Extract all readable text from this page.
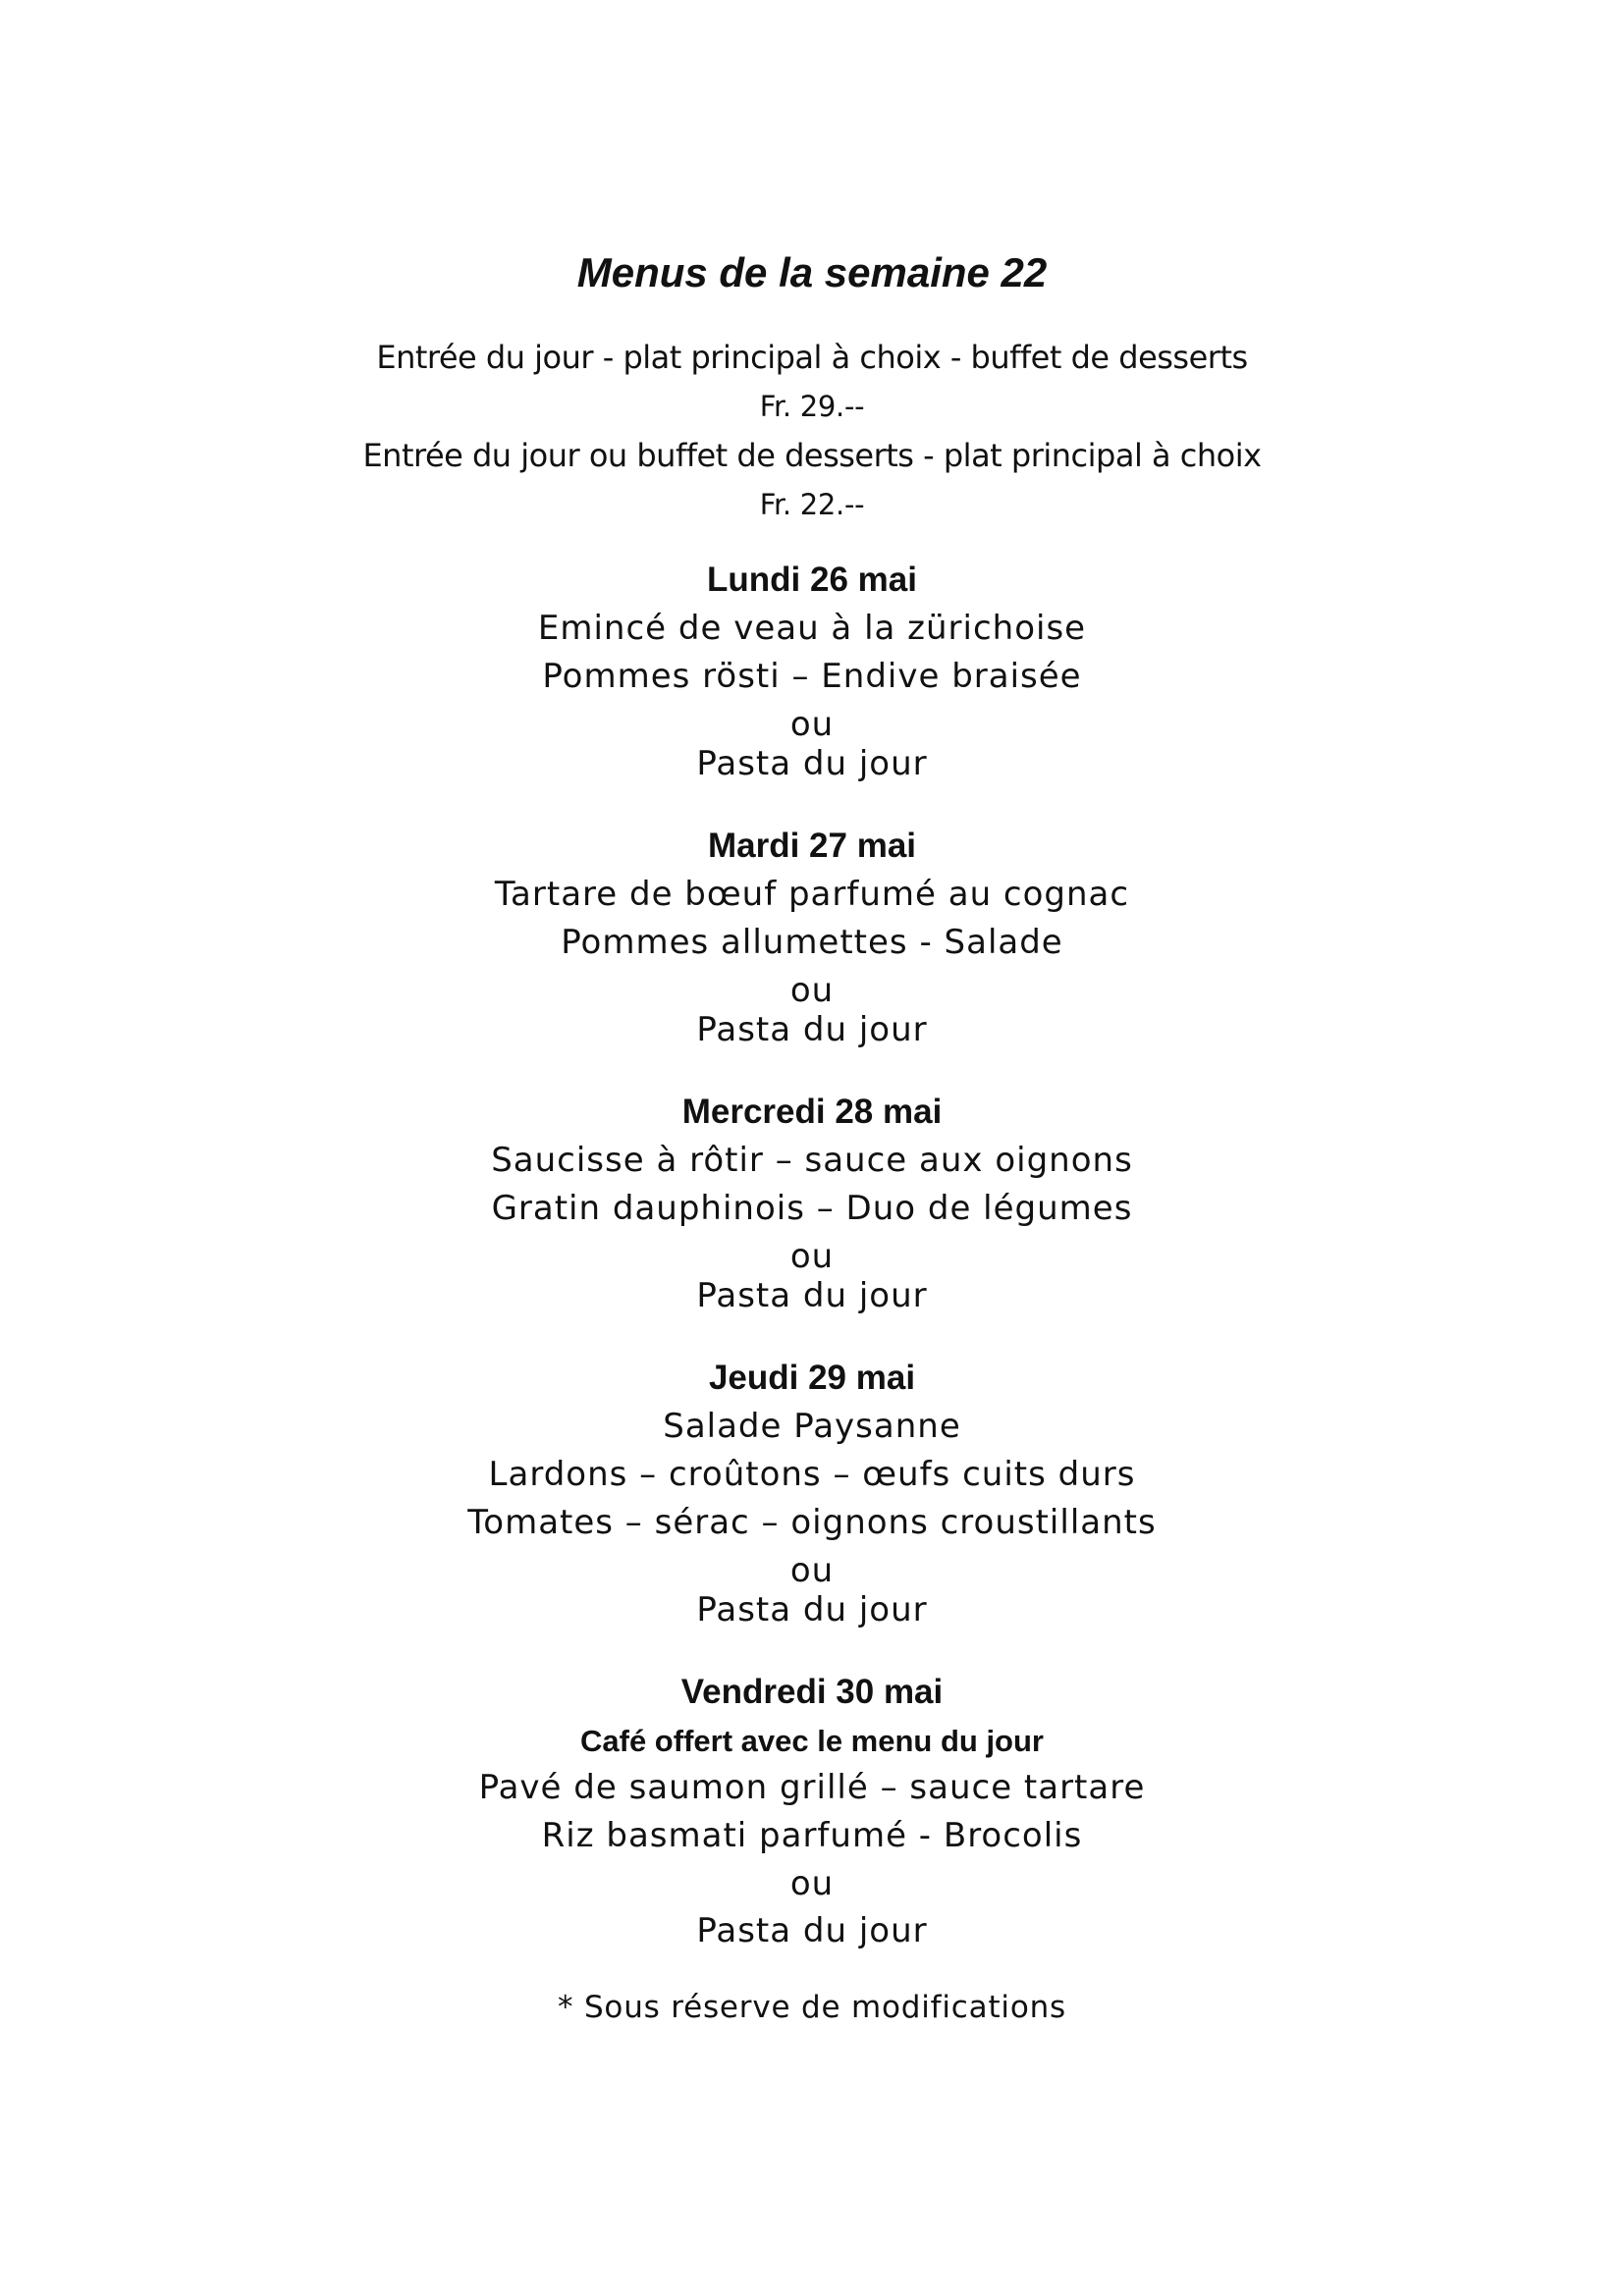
Menus de la semaine 22
Entrée du jour - plat principal à choix - buffet de desserts
Fr. 29.--
Entrée du jour ou buffet de desserts - plat principal à choix
Fr. 22.--
Lundi 26 mai
Emincé de veau à la zürichoise
Pommes rösti – Endive braisée
ou
Pasta du jour
Mardi 27 mai
Tartare de bœuf parfumé au cognac
Pommes allumettes - Salade
ou
Pasta du jour
Mercredi 28 mai
Saucisse à rôtir – sauce aux oignons
Gratin dauphinois – Duo de légumes
ou
Pasta du jour
Jeudi 29 mai
Salade Paysanne
Lardons – croûtons – œufs cuits durs
Tomates – sérac – oignons croustillants
ou
Pasta du jour
Vendredi 30 mai
Café offert avec le menu du jour
Pavé de saumon grillé – sauce tartare
Riz basmati parfumé - Brocolis
ou
Pasta du jour
* Sous réserve de modifications
